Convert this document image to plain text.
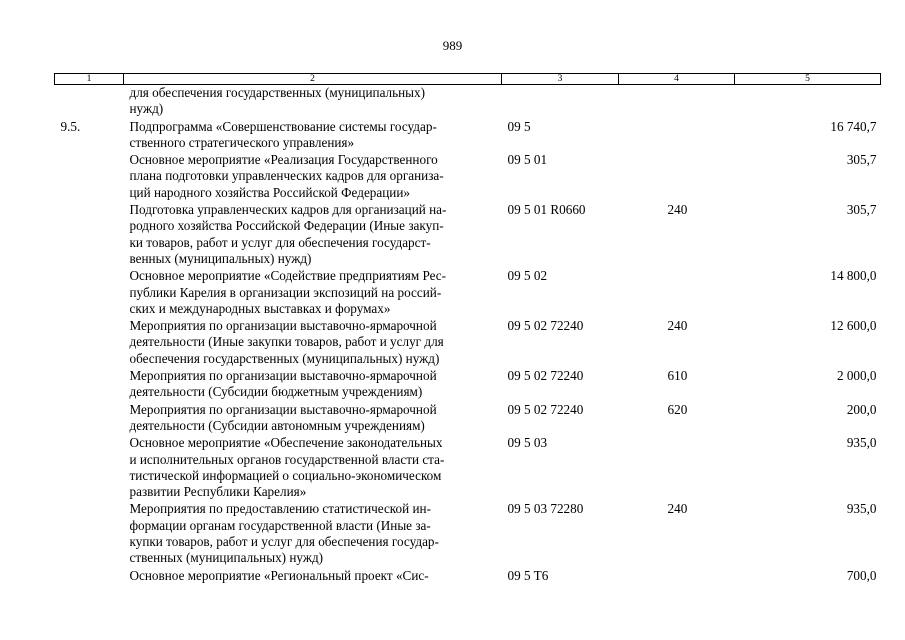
989
1	2	3	4	5

	для обеспечения государственных (муниципальных)
нужд)			

9.5.	Подпрограмма «Совершенствование системы государ-
ственного стратегического управления»	09 5		16 740,7

	Основное мероприятие «Реализация Государственного
плана подготовки управленческих кадров для организа-
ций народного хозяйства Российской Федерации»	09 5 01		305,7

	Подготовка управленческих кадров для организаций на-
родного хозяйства Российской Федерации (Иные закуп-
ки товаров, работ и услуг для обеспечения государст-
венных (муниципальных) нужд)	09 5 01 R0660	240	305,7

	Основное мероприятие «Содействие предприятиям Рес-
публики Карелия в организации экспозиций на россий-
ских и международных выставках и форумах»	09 5 02		14 800,0

	Мероприятия по организации выставочно-ярмарочной
деятельности (Иные закупки товаров, работ и услуг для
обеспечения государственных (муниципальных) нужд)	09 5 02 72240	240	12 600,0

	Мероприятия по организации выставочно-ярмарочной
деятельности (Субсидии бюджетным учреждениям)	09 5 02 72240	610	2 000,0

	Мероприятия по организации выставочно-ярмарочной
деятельности (Субсидии автономным учреждениям)	09 5 02 72240	620	200,0

	Основное мероприятие «Обеспечение законодательных
и исполнительных органов государственной власти ста-
тистической информацией о социально-экономическом
развитии Республики Карелия»	09 5 03		935,0

	Мероприятия по предоставлению статистической ин-
формации органам государственной власти (Иные за-
купки товаров, работ и услуг для обеспечения государ-
ственных (муниципальных) нужд)	09 5 03 72280	240	935,0

	Основное мероприятие «Региональный проект «Сис-	09 5 T6		700,0
